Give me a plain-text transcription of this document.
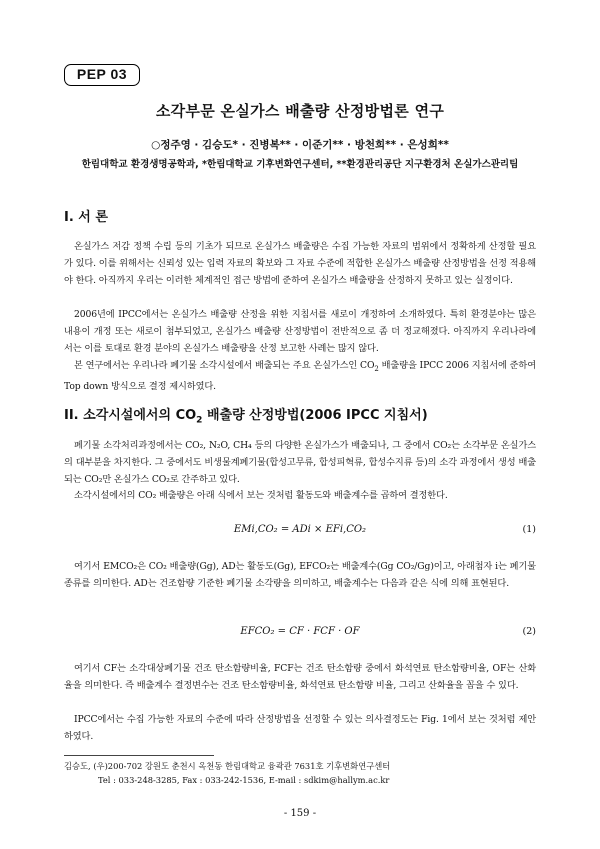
PEP 03
소각부문 온실가스 배출량 산정방법론 연구
○정주영 · 김승도* · 진병복** · 이준기** · 방천희** · 은성희**
한림대학교 환경생명공학과, *한림대학교 기후변화연구센터, **환경관리공단 지구환경처 온실가스관리팀
I. 서 론
온실가스 저감 정책 수립 등의 기초가 되므로 온실가스 배출량은 수집 가능한 자료의 범위에서 정확하게 산정할 필요가 있다. 이를 위해서는 신뢰성 있는 입력 자료의 확보와 그 자료 수준에 적합한 온실가스 배출량 산정방법을 선정 적용해야 한다. 아직까지 우리는 이러한 체계적인 접근 방법에 준하여 온실가스 배출량을 산정하지 못하고 있는 실정이다.
2006년에 IPCC에서는 온실가스 배출량 산정을 위한 지침서를 새로이 개정하여 소개하였다. 특히 환경분야는 많은 내용이 개정 또는 새로이 첨부되었고, 온실가스 배출량 산정방법이 전반적으로 좀 더 정교해졌다. 아직까지 우리나라에서는 이를 토대로 환경 분야의 온실가스 배출량을 산정 보고한 사례는 많지 않다.
본 연구에서는 우리나라 폐기물 소각시설에서 배출되는 주요 온실가스인 $CO_2$ 배출량을 IPCC 2006 지침서에 준하여 Top down 방식으로 결정 제시하였다.
II. 소각시설에서의 $CO_2$ 배출량 산정방법(2006 IPCC 지침서)
폐기물 소각처리과정에서는 CO₂, N₂O, CH₄ 등의 다양한 온실가스가 배출되나, 그 중에서 CO₂는 소각부문 온실가스의 대부분을 차지한다. 그 중에서도 비생물계폐기물(합성고무류, 합성피혁류, 합성수지류 등)의 소각 과정에서 생성 배출되는 CO₂만 온실가스 CO₂로 간주하고 있다.
소각시설에서의 CO₂ 배출량은 아래 식에서 보는 것처럼 활동도와 배출계수를 곱하여 결정한다.
EMi,CO₂ = ADi × EFi,CO₂	(1)
여기서 EMCO₂은 CO₂ 배출량(Gg), AD는 활동도(Gg), EFCO₂는 배출계수(Gg CO₂/Gg)이고, 아래첨자 i는 폐기물 종류를 의미한다. AD는 건조함량 기준한 폐기물 소각량을 의미하고, 배출계수는 다음과 같은 식에 의해 표현된다.
EFCO₂ = CF · FCF · OF	(2)
여기서 CF는 소각대상폐기물 건조 탄소함량비율, FCF는 건조 탄소함량 중에서 화석연료 탄소함량비율, OF는 산화율을 의미한다. 즉 배출계수 결정변수는 건조 탄소함량비율, 화석연료 탄소함량 비율, 그리고 산화율을 꼽을 수 있다.
IPCC에서는 수집 가능한 자료의 수준에 따라 산정방법을 선정할 수 있는 의사결정도는 Fig. 1에서 보는 것처럼 제안하였다.
김승도, (우)200-702 강원도 춘천시 옥천동 한림대학교 융곽관 7631호 기후변화연구센터
Tel : 033-248-3285, Fax : 033-242-1536, E-mail : sdkim@hallym.ac.kr
- 159 -
